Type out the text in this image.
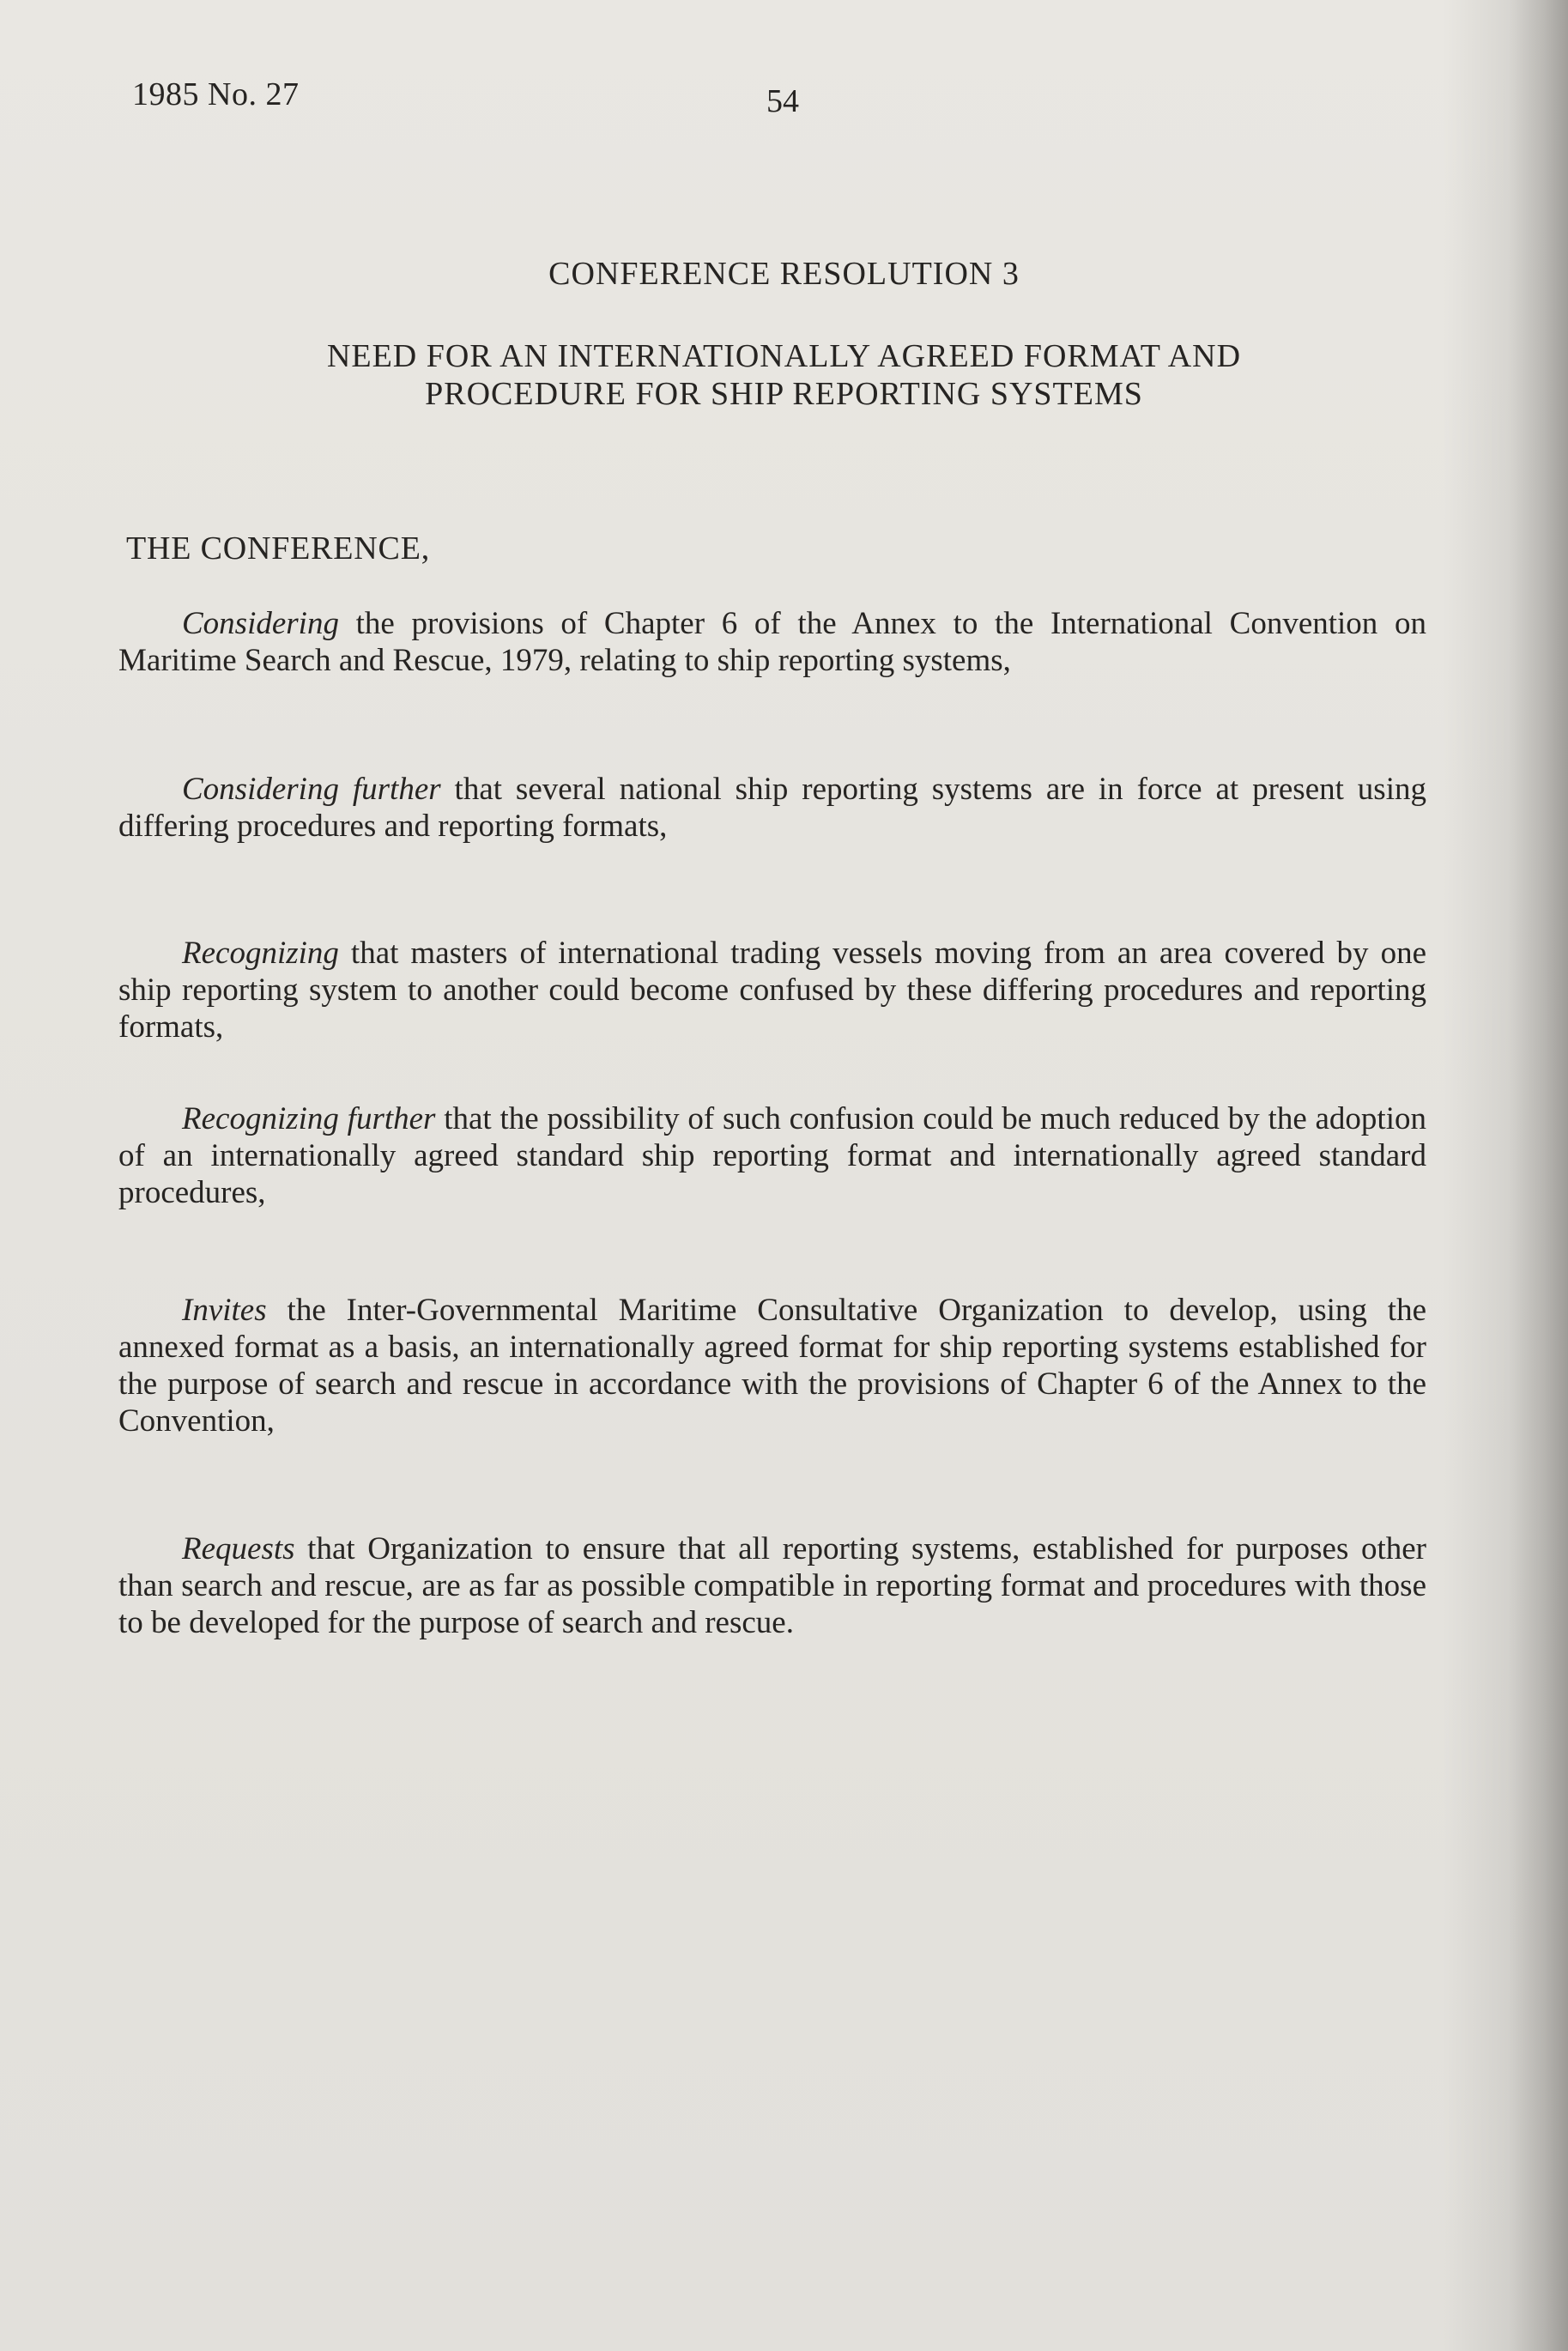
1985 No. 27	54
CONFERENCE RESOLUTION 3
NEED FOR AN INTERNATIONALLY AGREED FORMAT AND
PROCEDURE FOR SHIP REPORTING SYSTEMS
THE CONFERENCE,

Considering the provisions of Chapter 6 of the Annex to the International Convention on Maritime Search and Rescue, 1979, relating to ship reporting systems,

Considering further that several national ship reporting systems are in force at present using differing procedures and reporting formats,

Recognizing that masters of international trading vessels moving from an area covered by one ship reporting system to another could become confused by these differing procedures and reporting formats,

Recognizing further that the possibility of such confusion could be much reduced by the adoption of an internationally agreed standard ship reporting format and internationally agreed standard procedures,

Invites the Inter-Governmental Maritime Consultative Organization to develop, using the annexed format as a basis, an internationally agreed format for ship reporting systems established for the purpose of search and rescue in accordance with the provisions of Chapter 6 of the Annex to the Convention,

Requests that Organization to ensure that all reporting systems, established for purposes other than search and rescue, are as far as possible compatible in reporting format and procedures with those to be developed for the purpose of search and rescue.
